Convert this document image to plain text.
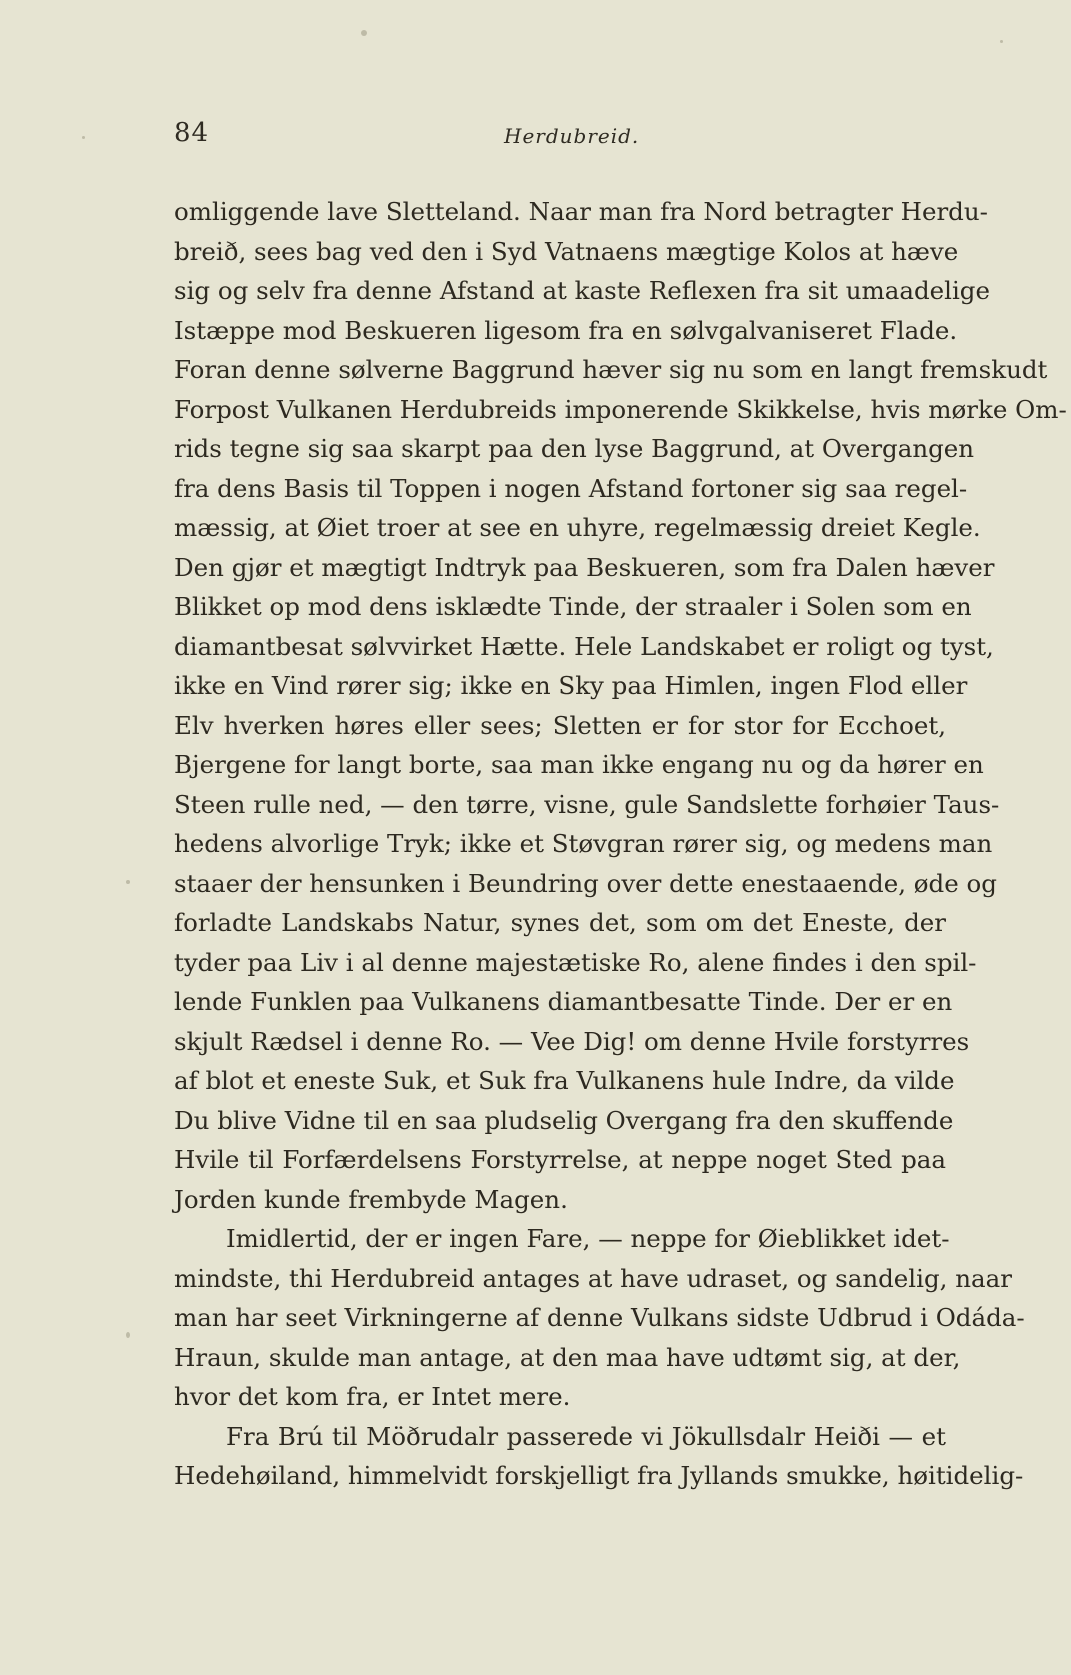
84	Herdubreid.
omliggende lave Sletteland. Naar man fra Nord betragter Herdu-
breið, sees bag ved den i Syd Vatnaens mægtige Kolos at hæve
sig og selv fra denne Afstand at kaste Reflexen fra sit umaadelige
Istæppe mod Beskueren ligesom fra en sølvgalvaniseret Flade.
Foran denne sølverne Baggrund hæver sig nu som en langt fremskudt
Forpost Vulkanen Herdubreids imponerende Skikkelse, hvis mørke Om-
rids tegne sig saa skarpt paa den lyse Baggrund, at Overgangen
fra dens Basis til Toppen i nogen Afstand fortoner sig saa regel-
mæssig, at Øiet troer at see en uhyre, regelmæssig dreiet Kegle.
Den gjør et mægtigt Indtryk paa Beskueren, som fra Dalen hæver
Blikket op mod dens isklædte Tinde, der straaler i Solen som en
diamantbesat sølvvirket Hætte. Hele Landskabet er roligt og tyst,
ikke en Vind rører sig; ikke en Sky paa Himlen, ingen Flod eller
Elv hverken høres eller sees; Sletten er for stor for Ecchoet,
Bjergene for langt borte, saa man ikke engang nu og da hører en
Steen rulle ned, — den tørre, visne, gule Sandslette forhøier Taus-
hedens alvorlige Tryk; ikke et Støvgran rører sig, og medens man
staaer der hensunken i Beundring over dette enestaaende, øde og
forladte Landskabs Natur, synes det, som om det Eneste, der
tyder paa Liv i al denne majestætiske Ro, alene findes i den spil-
lende Funklen paa Vulkanens diamantbesatte Tinde. Der er en
skjult Rædsel i denne Ro. — Vee Dig! om denne Hvile forstyrres
af blot et eneste Suk, et Suk fra Vulkanens hule Indre, da vilde
Du blive Vidne til en saa pludselig Overgang fra den skuffende
Hvile til Forfærdelsens Forstyrrelse, at neppe noget Sted paa
Jorden kunde frembyde Magen.
Imidlertid, der er ingen Fare, — neppe for Øieblikket idet-
mindste, thi Herdubreid antages at have udraset, og sandelig, naar
man har seet Virkningerne af denne Vulkans sidste Udbrud i Odáda-
Hraun, skulde man antage, at den maa have udtømt sig, at der,
hvor det kom fra, er Intet mere.
Fra Brú til Möðrudalr passerede vi Jökullsdalr Heiði — et
Hedehøiland, himmelvidt forskjelligt fra Jyllands smukke, høitidelig-
